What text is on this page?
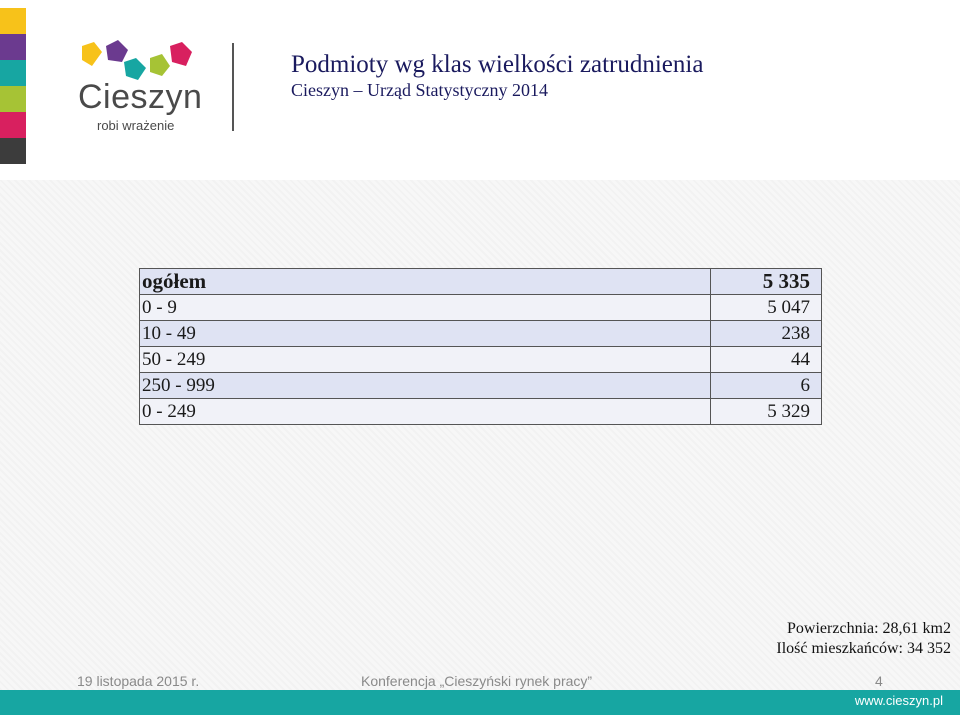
Cieszyn
robi wrażenie
Podmioty wg klas wielkości zatrudnienia
Cieszyn – Urząd Statystyczny 2014
ogółem	5 335
0 - 9	5 047
10 - 49	238
50 - 249	44
250 - 999	6
0 - 249	5 329
Powierzchnia: 28,61 km2
Ilość mieszkańców: 34 352
19 listopada 2015 r.	Konferencja „Cieszyński rynek pracy”	4
www.cieszyn.pl
